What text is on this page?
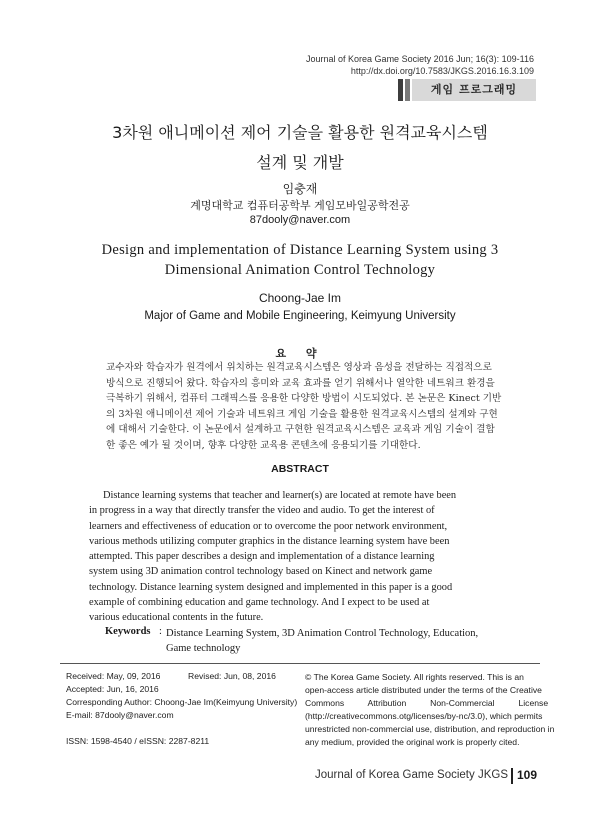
Journal of Korea Game Society 2016 Jun; 16(3): 109-116
http://dx.doi.org/10.7583/JKGS.2016.16.3.109
게임 프로그래밍
3차원 애니메이션 제어 기술을 활용한 원격교육시스템
설계 및 개발
임충재
계명대학교 컴퓨터공학부 게임모바일공학전공
87dooly@naver.com
Design and implementation of Distance Learning System using 3
Dimensional Animation Control Technology
Choong-Jae Im
Major of Game and Mobile Engineering, Keimyung University
요 약
교수자와 학습자가 원격에서 위치하는 원격교육시스템은 영상과 음성을 전달하는 직접적으로
방식으로 진행되어 왔다. 학습자의 흥미와 교육 효과를 얻기 위해서나 열악한 네트워크 환경을
극복하기 위해서, 컴퓨터 그래픽스를 응용한 다양한 방법이 시도되었다. 본 논문은 Kinect 기반
의 3차원 애니메이션 제어 기술과 네트워크 게임 기술을 활용한 원격교육시스템의 설계와 구현
에 대해서 기술한다. 이 논문에서 설계하고 구현한 원격교육시스템은 교육과 게임 기술이 결합
한 좋은 예가 될 것이며, 향후 다양한 교육용 콘텐츠에 응용되기를 기대한다.
ABSTRACT
Distance learning systems that teacher and learner(s) are located at remote have been
in progress in a way that directly transfer the video and audio. To get the interest of
learners and effectiveness of education or to overcome the poor network environment,
various methods utilizing computer graphics in the distance learning system have been
attempted. This paper describes a design and implementation of a distance learning
system using 3D animation control technology based on Kinect and network game
technology. Distance learning system designed and implemented in this paper is a good
example of combining education and game technology. And I expect to be used at
various educational contents in the future.
Keywords : Distance Learning System, 3D Animation Control Technology, Education,
Game technology
Received: May, 09, 2016	Revised: Jun, 08, 2016
Accepted: Jun, 16, 2016
Corresponding Author: Choong-Jae Im(Keimyung University)
E-mail: 87dooly@naver.com
ISSN: 1598-4540 / eISSN: 2287-8211
© The Korea Game Society. All rights reserved. This is an
open-access article distributed under the terms of the Creative
Commons          Attribution          Non-Commercial          License
(http://creativecommons.otg/licenses/by-nc/3.0), which permits
unrestricted non-commercial use, distribution, and reproduction in
any medium, provided the original work is properly cited.
Journal of Korea Game Society JKGS 109
